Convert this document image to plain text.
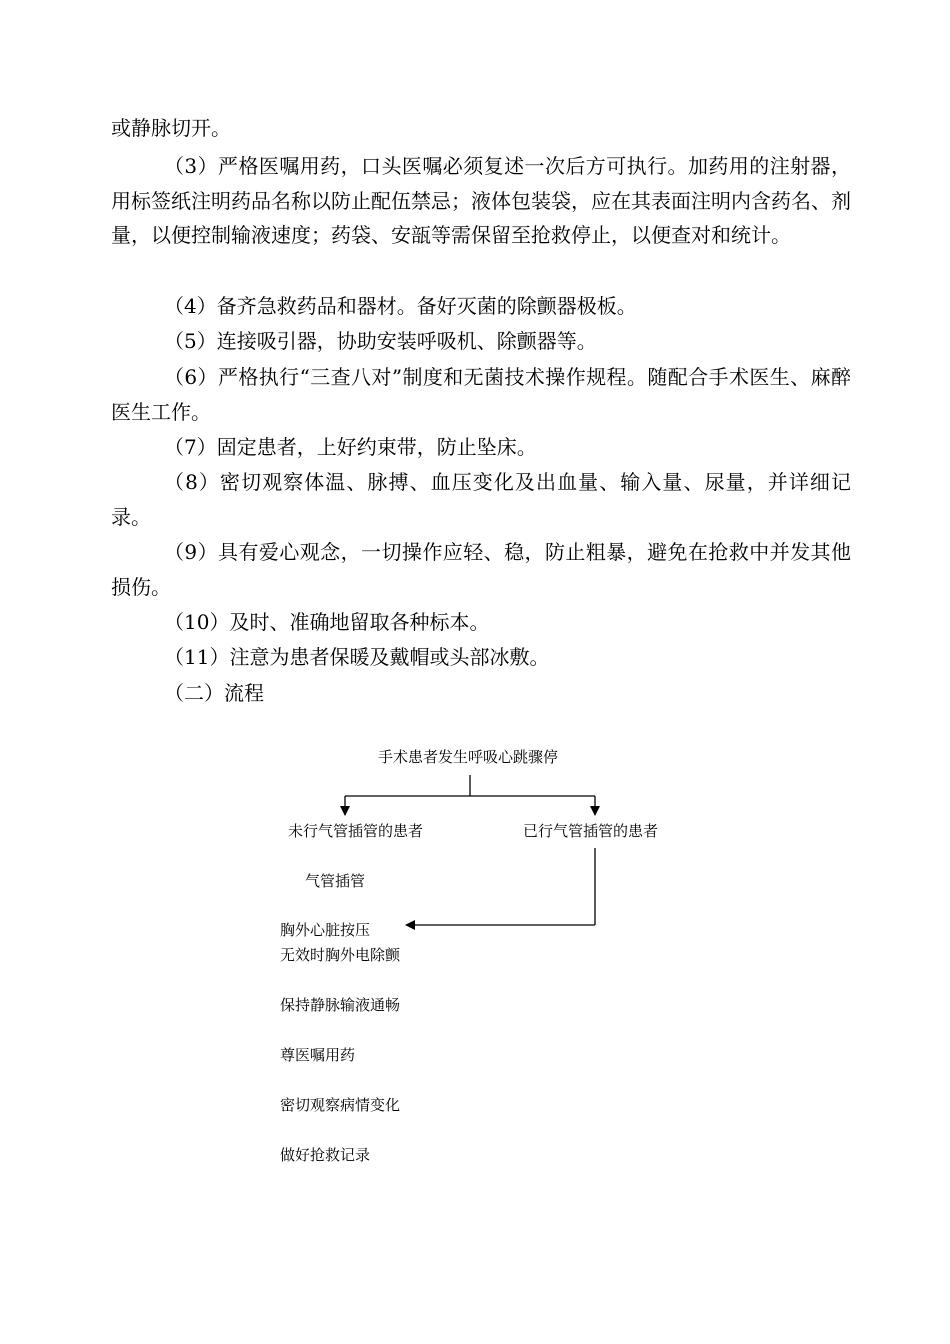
或静脉切开。

（3）严格医嘱用药，口头医嘱必须复述一次后方可执行。加药用的注射器，用标签纸注明药品名称以防止配伍禁忌；液体包装袋，应在其表面注明内含药名、剂量，以便控制输液速度；药袋、安瓿等需保留至抢救停止，以便查对和统计。

（4）备齐急救药品和器材。备好灭菌的除颤器极板。

（5）连接吸引器，协助安装呼吸机、除颤器等。

（6）严格执行“三查八对”制度和无菌技术操作规程。随配合手术医生、麻醉医生工作。

（7）固定患者，上好约束带，防止坠床。

（8）密切观察体温、脉搏、血压变化及出血量、输入量、尿量，并详细记录。

（9）具有爱心观念，一切操作应轻、稳，防止粗暴，避免在抢救中并发其他损伤。

（10）及时、准确地留取各种标本。

（11）注意为患者保暖及戴帽或头部冰敷。

（二）流程

手术患者发生呼吸心跳骤停
未行气管插管的患者	已行气管插管的患者
气管插管
胸外心脏按压
无效时胸外电除颤
保持静脉输液通畅
尊医嘱用药
密切观察病情变化
做好抢救记录
